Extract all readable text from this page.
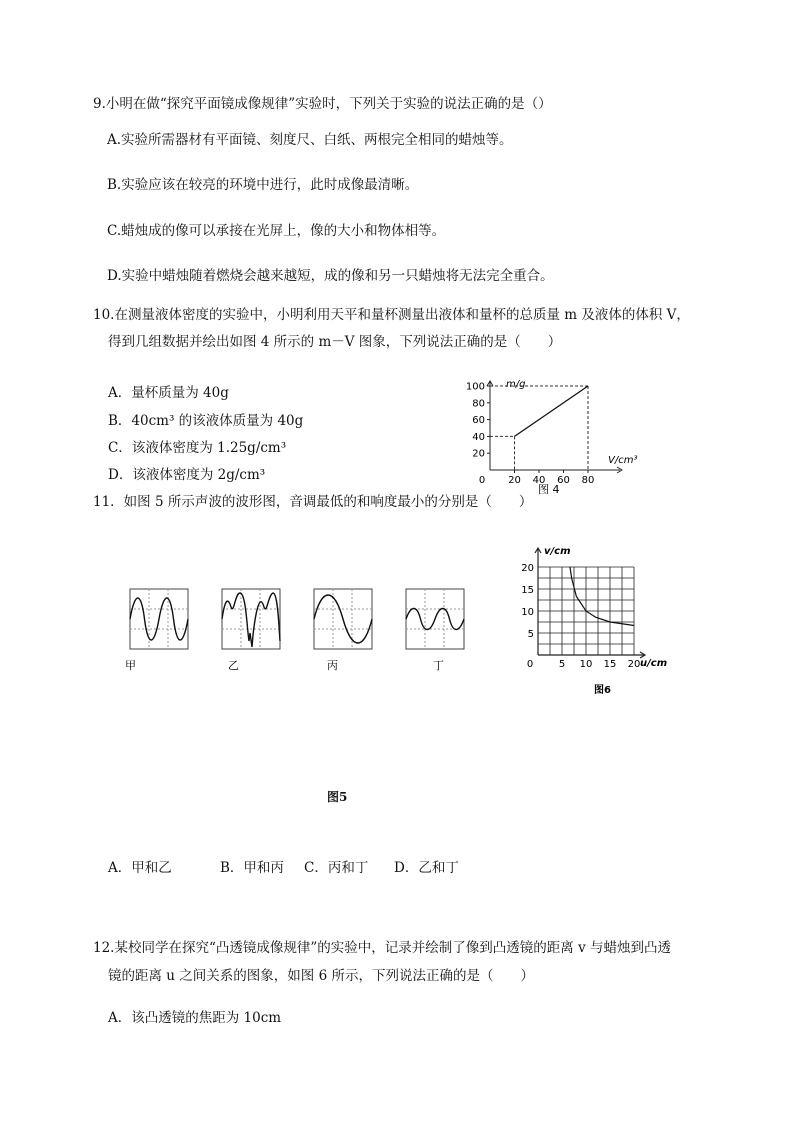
9.小明在做“探究平面镜成像规律”实验时，下列关于实验的说法正确的是（）
A.实验所需器材有平面镜、刻度尺、白纸、两根完全相同的蜡烛等。
B.实验应该在较亮的环境中进行，此时成像最清晰。
C.蜡烛成的像可以承接在光屏上，像的大小和物体相等。
D.实验中蜡烛随着燃烧会越来越短，成的像和另一只蜡烛将无法完全重合。
10.在测量液体密度的实验中，小明利用天平和量杯测量出液体和量杯的总质量 m 及液体的体积 V，
得到几组数据并绘出如图 4 所示的 m－V 图象，下列说法正确的是（　　）
A．量杯质量为 40g
B．40cm³ 的该液体质量为 40g
C．该液体密度为 1.25g/cm³
D．该液体密度为 2g/cm³
m/g
V/cm³
100
80
60
40
20
0 20 40 60 80
图 4
11．如图 5 所示声波的波形图，音调最低的和响度最小的分别是（　　）
甲	乙	丙	丁
v/cm
u/cm
20
15
10
5
0	5 10 15 20
图6
图5
A．甲和乙	B．甲和丙 C．丙和丁 D．乙和丁
12.某校同学在探究“凸透镜成像规律”的实验中，记录并绘制了像到凸透镜的距离 v 与蜡烛到凸透
镜的距离 u 之间关系的图象，如图 6 所示，下列说法正确的是（　　）
A．该凸透镜的焦距为 10cm
